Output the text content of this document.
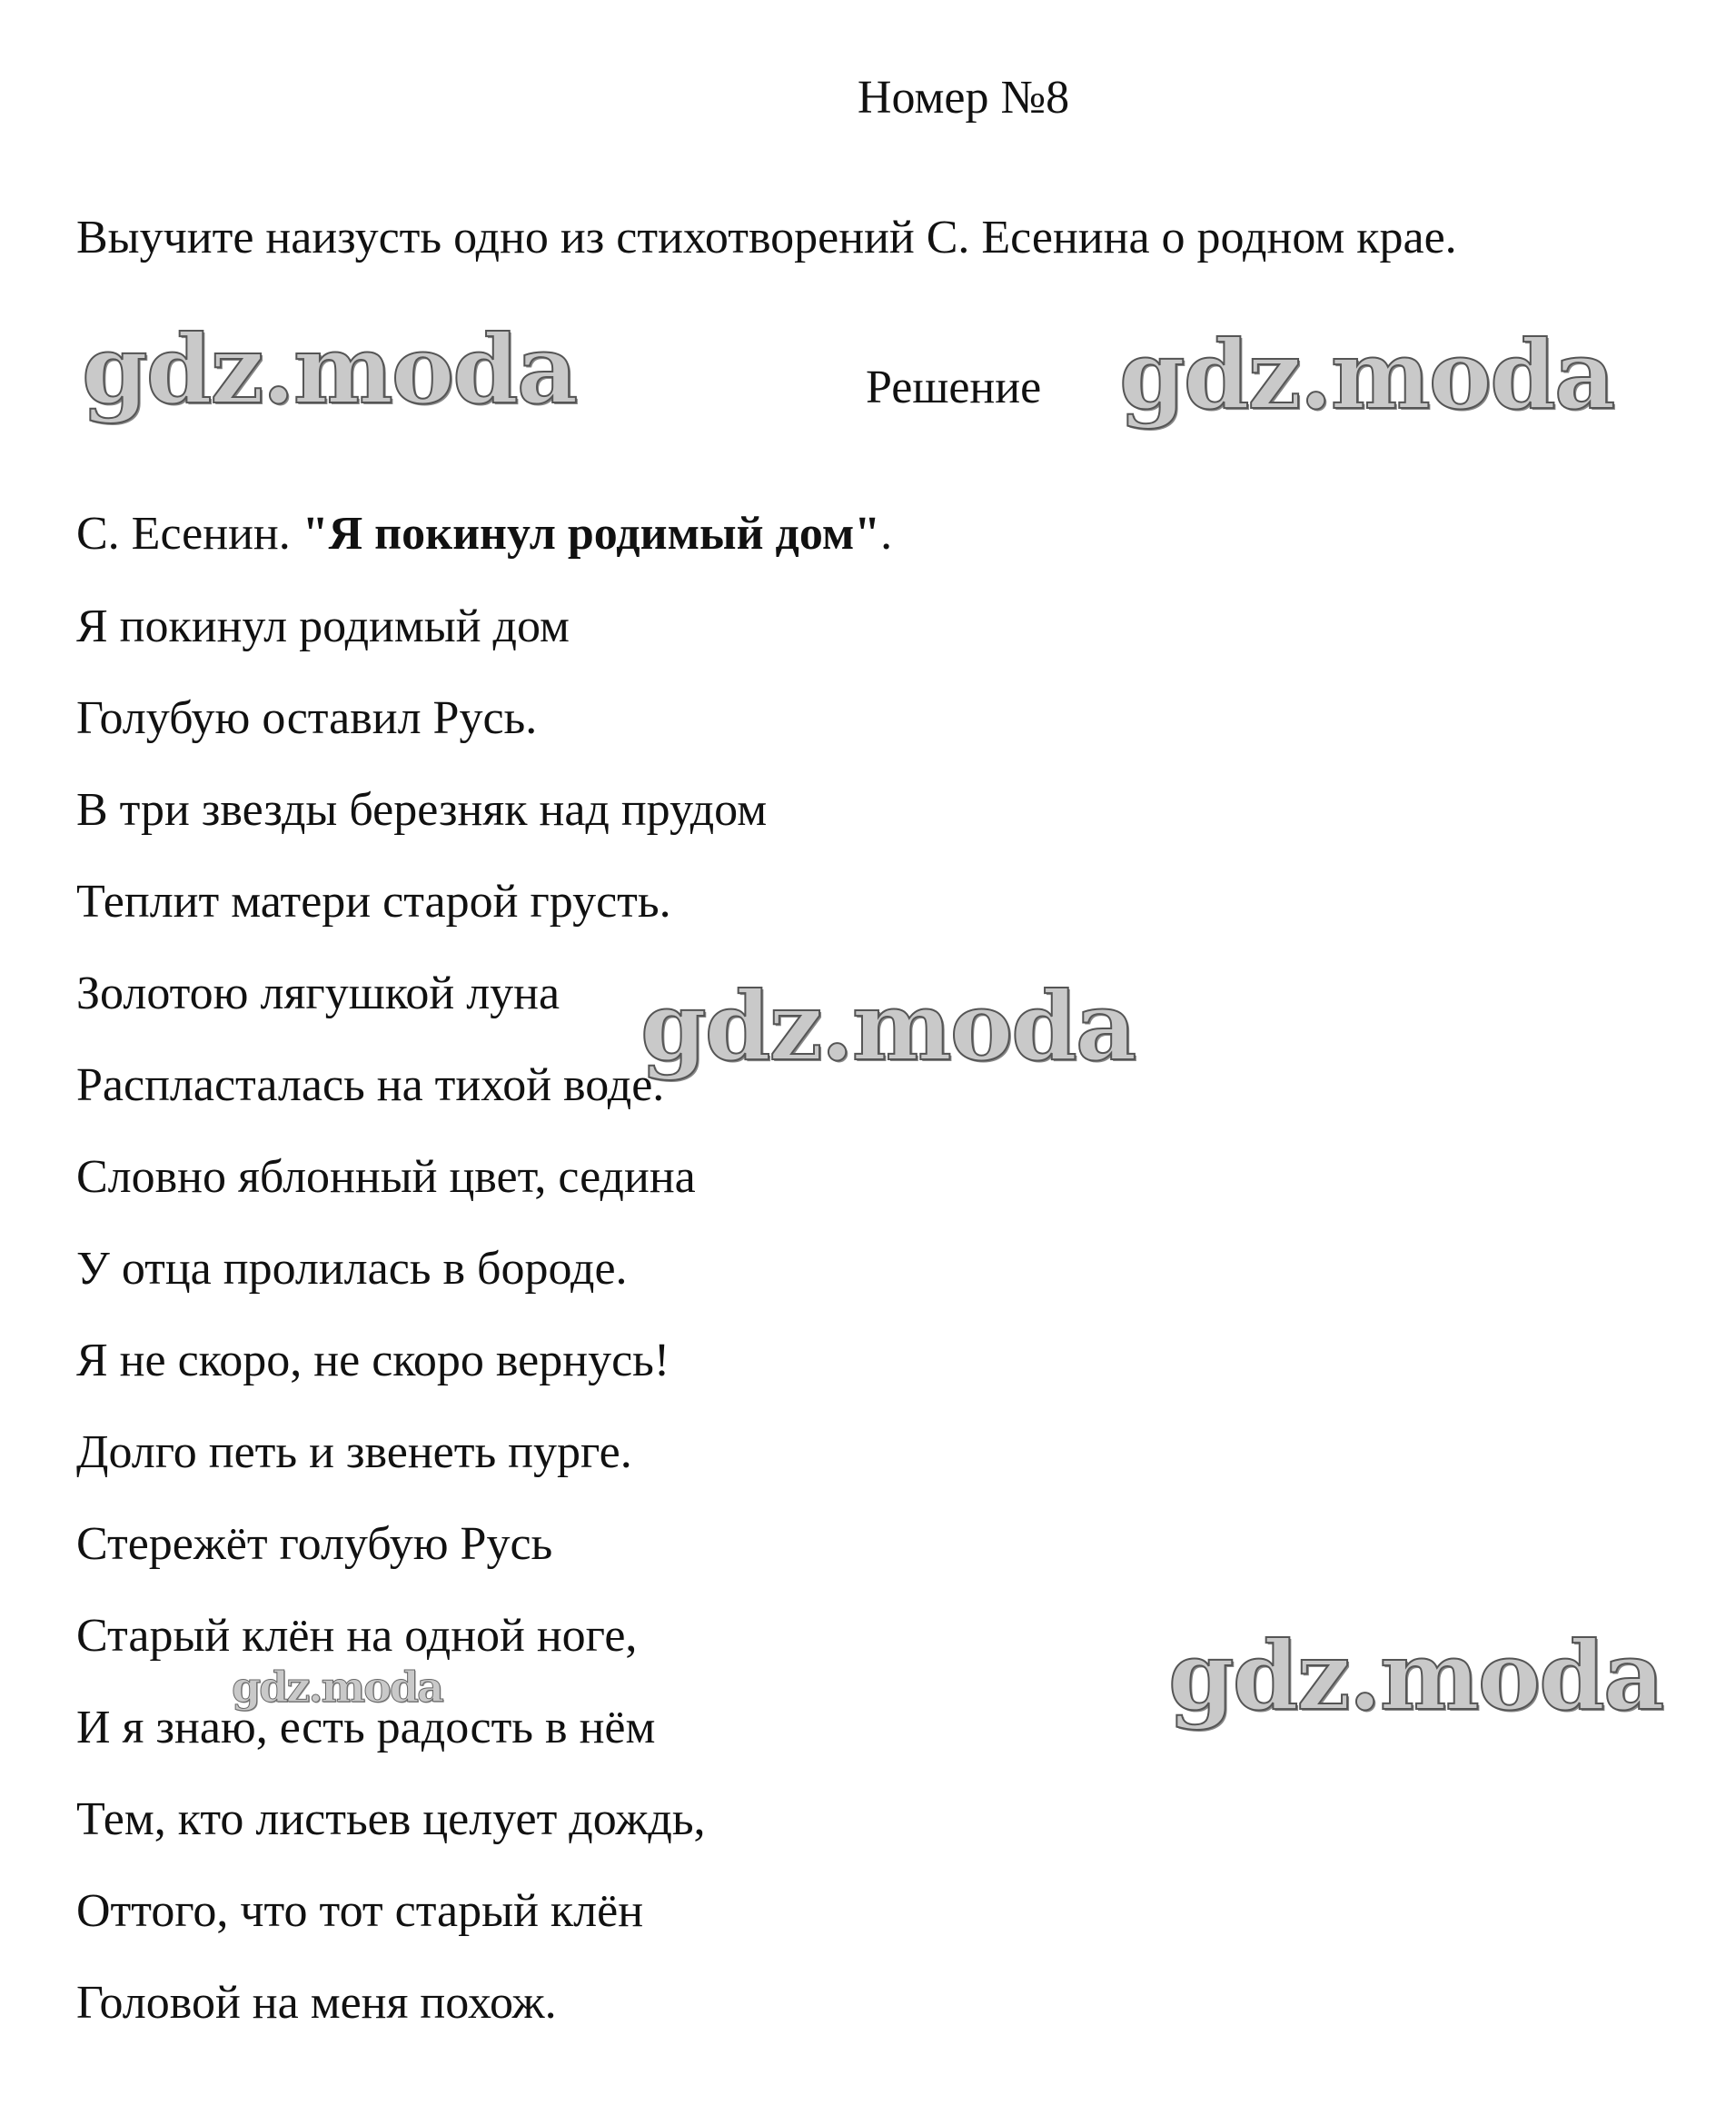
Номер №8
Выучите наизусть одно из стихотворений С. Есенина о родном крае.
gdz.moda	Решение gdz.moda
С. Есенин. "Я покинул родимый дом".
Я покинул родимый дом
Голубую оставил Русь.
В три звезды березняк над прудом
Теплит матери старой грусть.
Золотою лягушкой луна
Распласталась на тихой воде.
Словно яблонный цвет, седина
У отца пролилась в бороде.
Я не скоро, не скоро вернусь!
Долго петь и звенеть пурге.
Стережёт голубую Русь
Старый клён на одной ноге,
И я знаю, есть радость в нём
Тем, кто листьев целует дождь,
Оттого, что тот старый клён
Головой на меня похож.
gdz.moda
gdz.moda	gdz.moda
